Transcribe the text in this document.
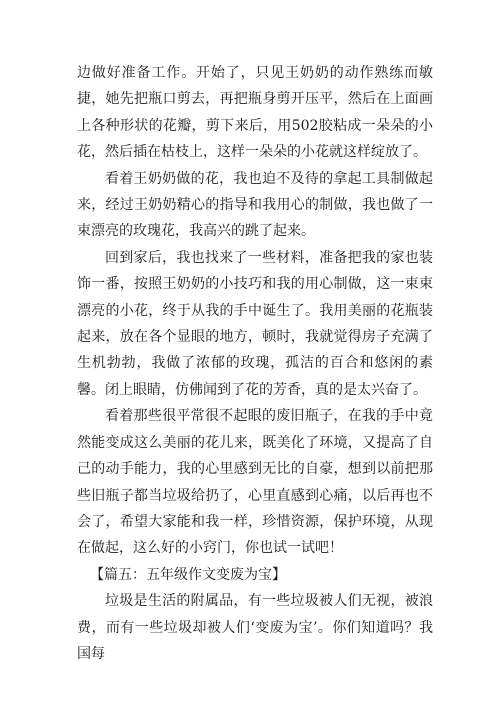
边做好准备工作。开始了，只见王奶奶的动作熟练而敏捷，她先把瓶口剪去，再把瓶身剪开压平，然后在上面画上各种形状的花瓣，剪下来后，用502胶粘成一朵朵的小花，然后插在枯枝上，这样一朵朵的小花就这样绽放了。

看着王奶奶做的花，我也迫不及待的拿起工具制做起来，经过王奶奶精心的指导和我用心的制做，我也做了一束漂亮的玫瑰花，我高兴的跳了起来。

回到家后，我也找来了一些材料，准备把我的家也装饰一番，按照王奶奶的小技巧和我的用心制做，这一束束漂亮的小花，终于从我的手中诞生了。我用美丽的花瓶装起来，放在各个显眼的地方，顿时，我就觉得房子充满了生机勃勃，我做了浓郁的玫瑰，孤洁的百合和悠闲的素馨。闭上眼睛，仿佛闻到了花的芳香，真的是太兴奋了。

看着那些很平常很不起眼的废旧瓶子，在我的手中竟然能变成这么美丽的花儿来，既美化了环境，又提高了自己的动手能力，我的心里感到无比的自豪，想到以前把那些旧瓶子都当垃圾给扔了，心里直感到心痛，以后再也不会了，希望大家能和我一样，珍惜资源，保护环境，从现在做起，这么好的小窍门，你也试一试吧！

【篇五：五年级作文变废为宝】

垃圾是生活的附属品，有一些垃圾被人们无视，被浪费，而有一些垃圾却被人们‘变废为宝’。你们知道吗？我国每
